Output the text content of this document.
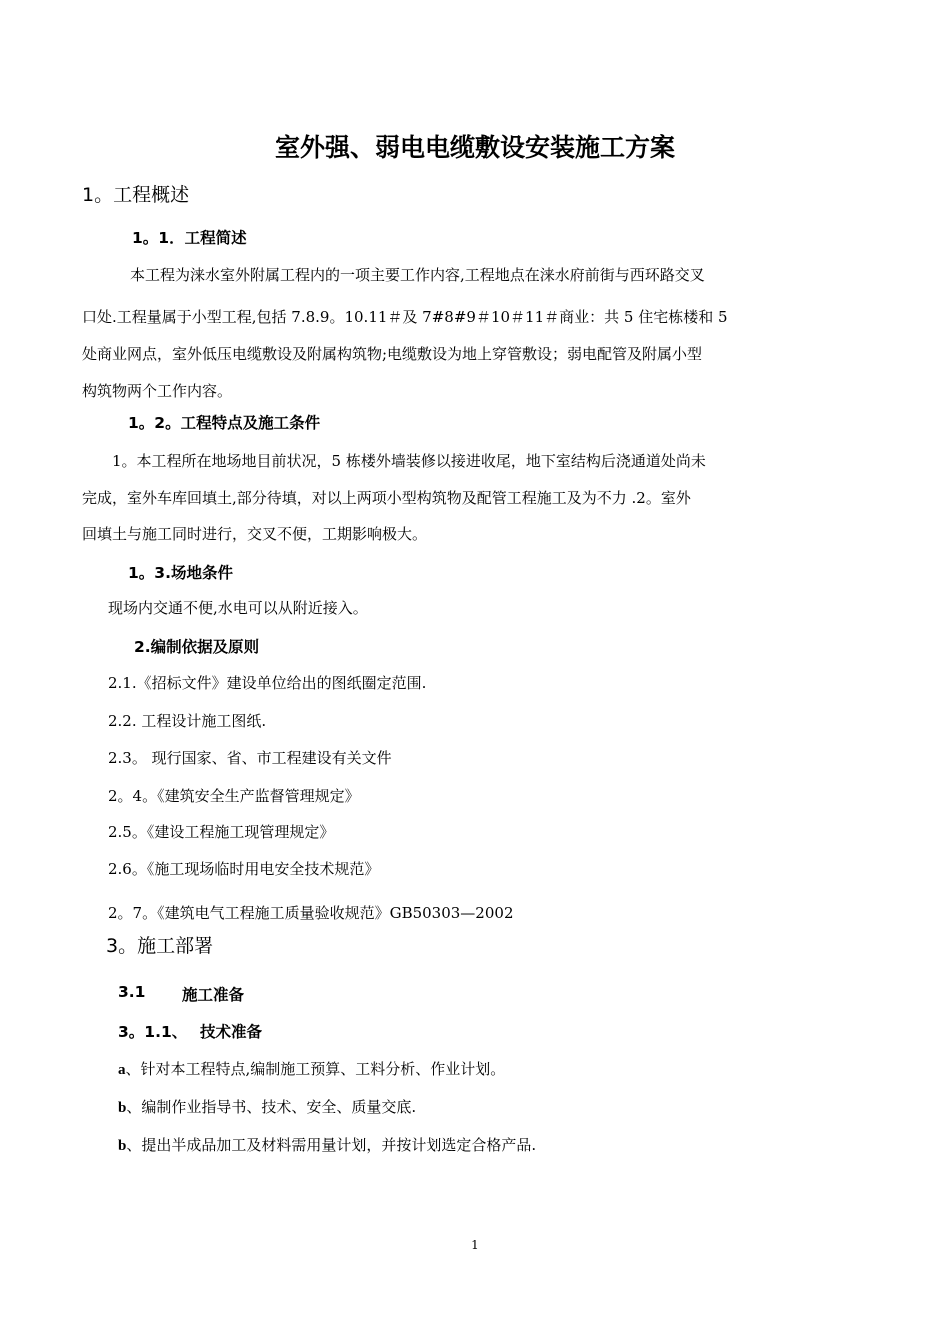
室外强、弱电电缆敷设安装施工方案
1。工程概述
1。1．工程简述
本工程为涞水室外附属工程内的一项主要工作内容,工程地点在涞水府前街与西环路交叉
口处.工程量属于小型工程,包括 7.8.9。10.11＃及 7#8#9＃10＃11＃商业：共 5 住宅栋楼和 5
处商业网点，室外低压电缆敷设及附属构筑物;电缆敷设为地上穿管敷设；弱电配管及附属小型
构筑物两个工作内容。
1。2。工程特点及施工条件
1。本工程所在地场地目前状况，5 栋楼外墙装修以接进收尾，地下室结构后浇通道处尚未
完成，室外车库回填土,部分待填，对以上两项小型构筑物及配管工程施工及为不力 .2。室外
回填土与施工同时进行，交叉不便，工期影响极大。
1。3.场地条件
现场内交通不便,水电可以从附近接入。
2.编制依据及原则
2.1.《招标文件》建设单位给出的图纸圈定范围.
2.2. 工程设计施工图纸.
2.3。 现行国家、省、市工程建设有关文件
2。4。《建筑安全生产监督管理规定》
2.5。《建设工程施工现管理规定》
2.6。《施工现场临时用电安全技术规范》
2。7。《建筑电气工程施工质量验收规范》GB50303—2002
3。施工部署
3.1 施工准备
3。1.1、 技术准备
a、针对本工程特点,编制施工预算、工料分析、作业计划。
b、编制作业指导书、技术、安全、质量交底.
b、提出半成品加工及材料需用量计划，并按计划选定合格产品.
1
